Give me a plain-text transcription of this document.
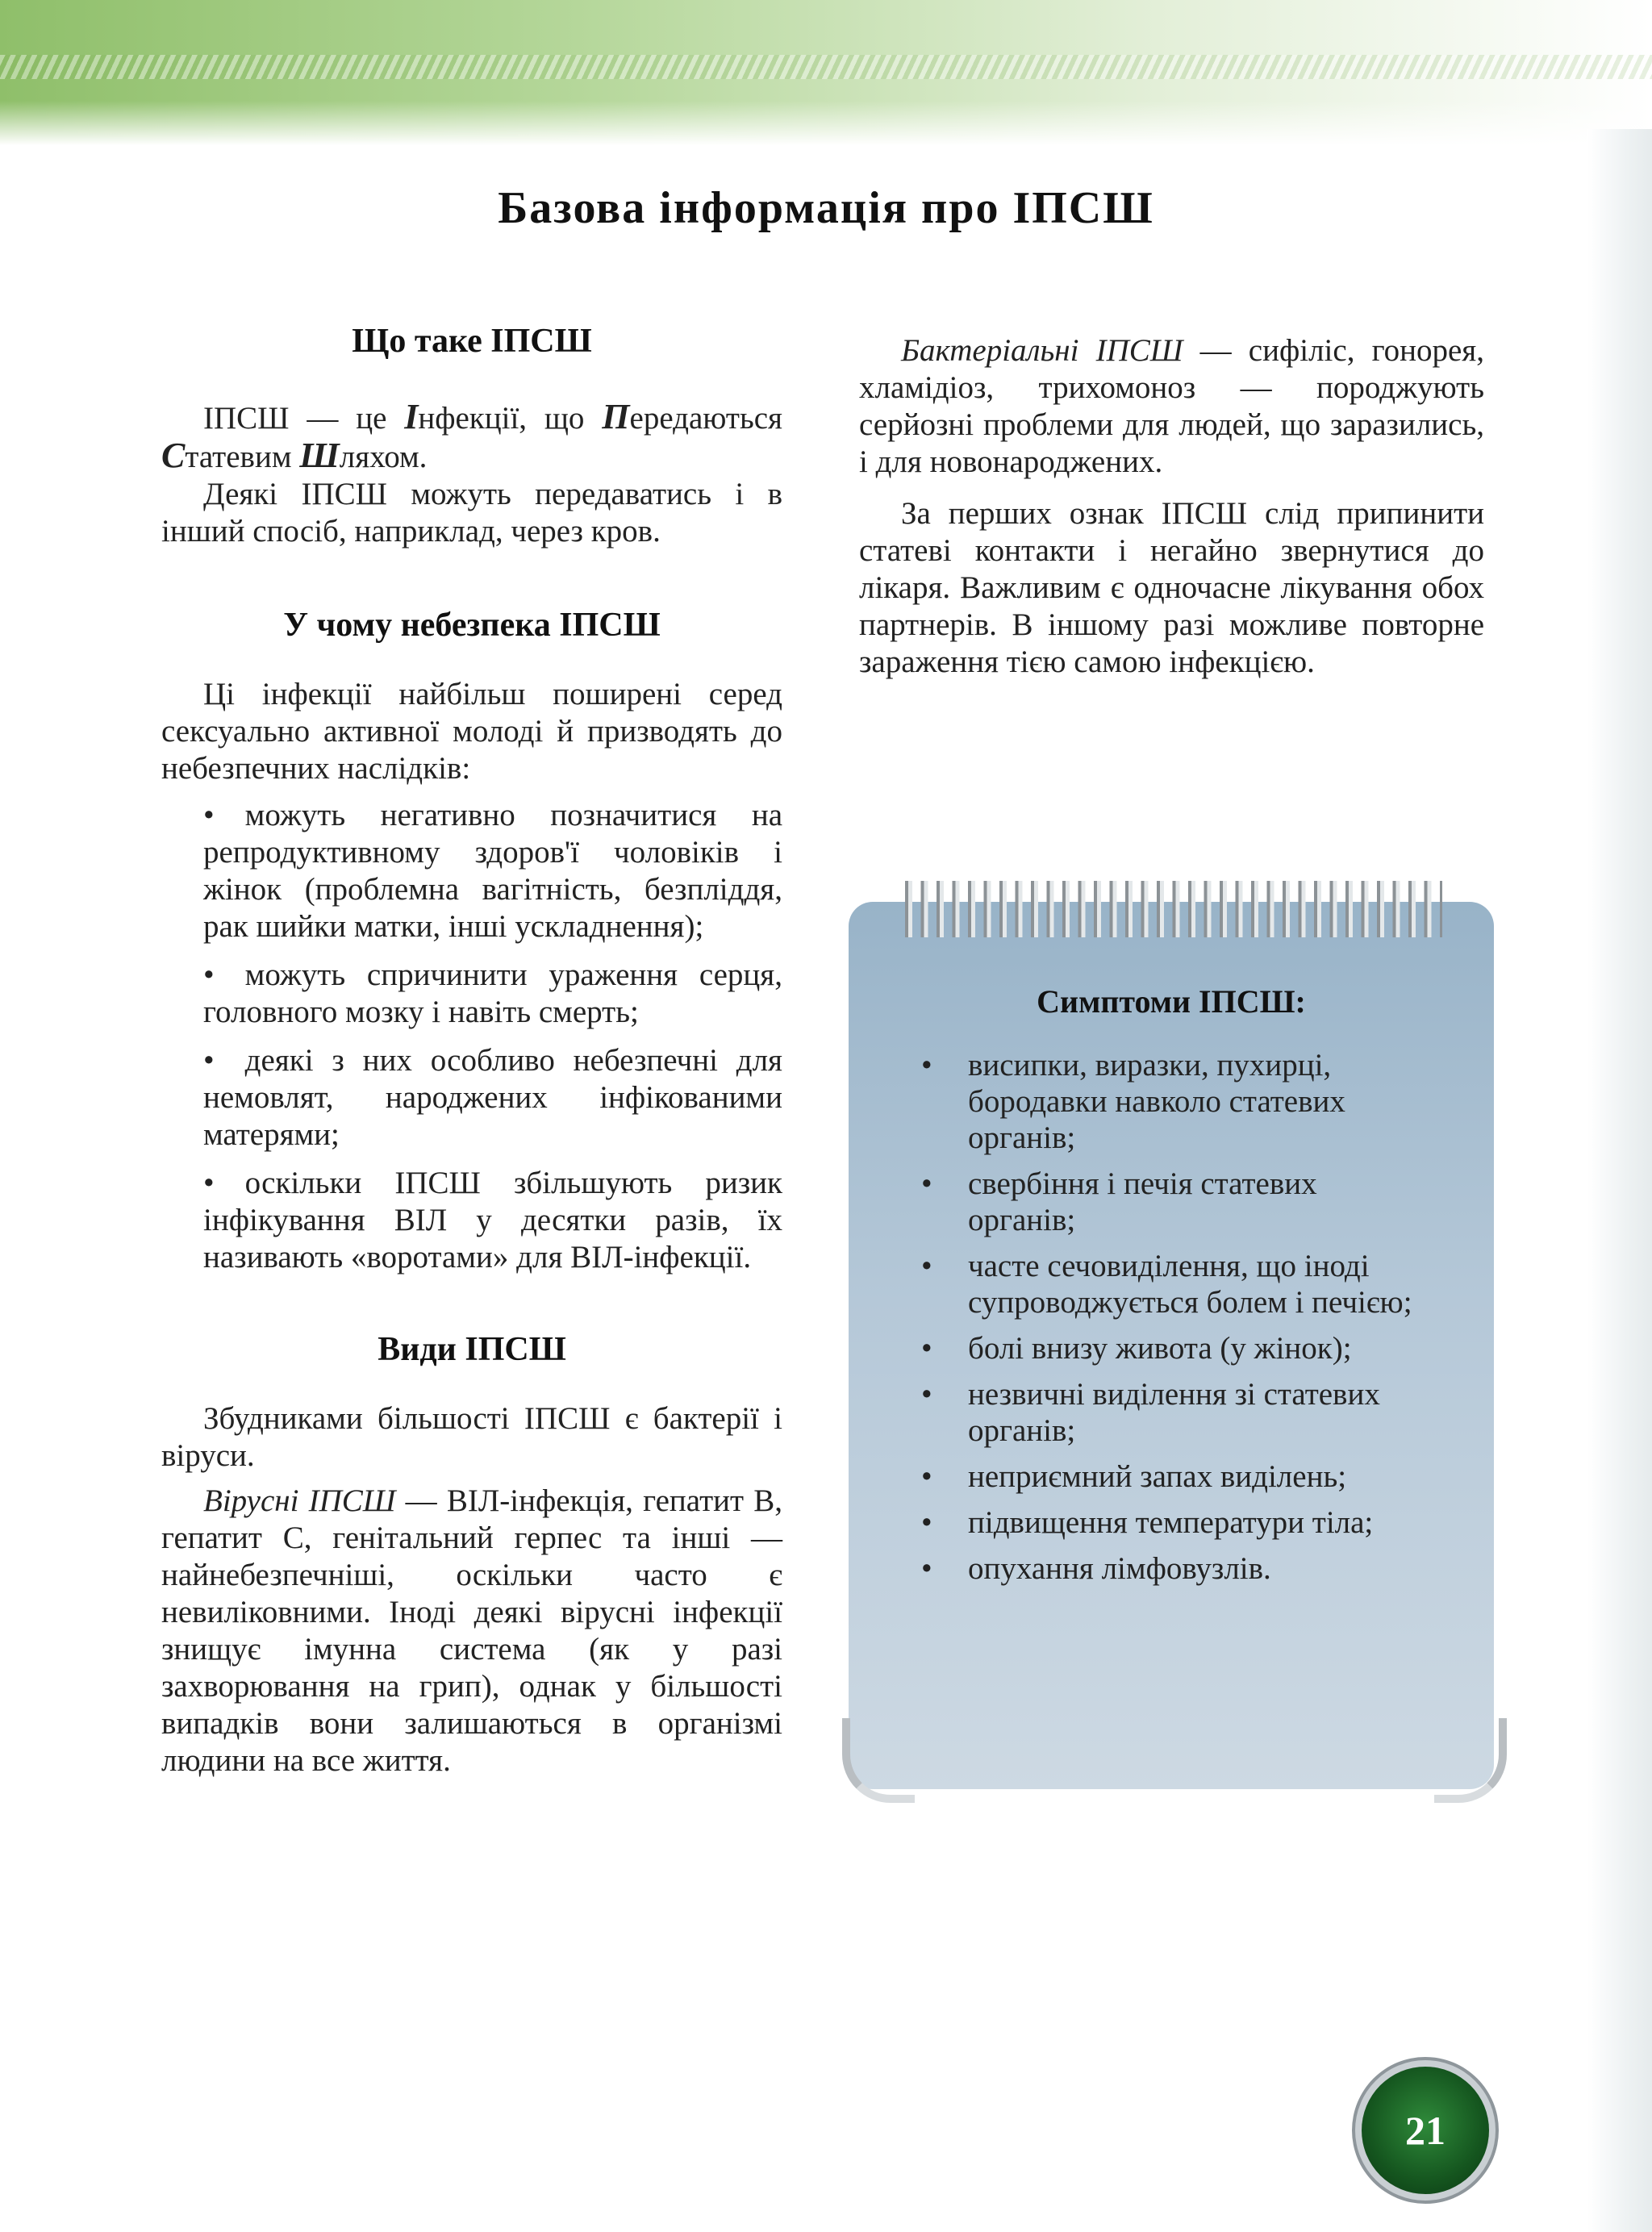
Базова інформація про ІПСШ
Що таке ІПСШ

ІПСШ — це Інфекції, що Передаються Статевим Шляхом.

Деякі ІПСШ можуть передаватись і в інший спосіб, наприклад, через кров.

У чому небезпека ІПСШ

Ці інфекції найбільш поширені серед сексуально активної молоді й призводять до небезпечних наслідків:

• можуть негативно позначитися на репродуктивному здоров'ї чоловіків і жінок (проблемна вагітність, безпліддя, рак шийки матки, інші ускладнення);
• можуть спричинити ураження серця, головного мозку і навіть смерть;
• деякі з них особливо небезпечні для немовлят, народжених інфікованими матерями;
• оскільки ІПСШ збільшують ризик інфікування ВІЛ у десятки разів, їх називають «воротами» для ВІЛ-інфекції.
Види ІПСШ

Збудниками більшості ІПСШ є бактерії і віруси.

Вірусні ІПСШ — ВІЛ-інфекція, гепатит В, гепатит С, генітальний герпес та інші — найнебезпечніші, оскільки часто є невиліковними. Іноді деякі вірусні інфекції знищує імунна система (як у разі захворювання на грип), однак у більшості випадків вони залишаються в організмі людини на все життя.

Бактеріальні ІПСШ — сифіліс, гонорея, хламідіоз, трихомоноз — породжують серйозні проблеми для людей, що заразились, і для новонароджених.

За перших ознак ІПСШ слід припинити статеві контакти і негайно звернутися до лікаря. Важливим є одночасне лікування обох партнерів. В іншому разі можливе повторне зараження тією самою інфекцією.

Симптоми ІПСШ:
• висипки, виразки, пухирці, бородавки навколо статевих органів;
• свербіння і печія статевих органів;
• часте сечовиділення, що іноді супроводжується болем і печією;
• болі внизу живота (у жінок);
• незвичні виділення зі статевих органів;
• неприємний запах виділень;
• підвищення температури тіла;
• опухання лімфовузлів.
21
